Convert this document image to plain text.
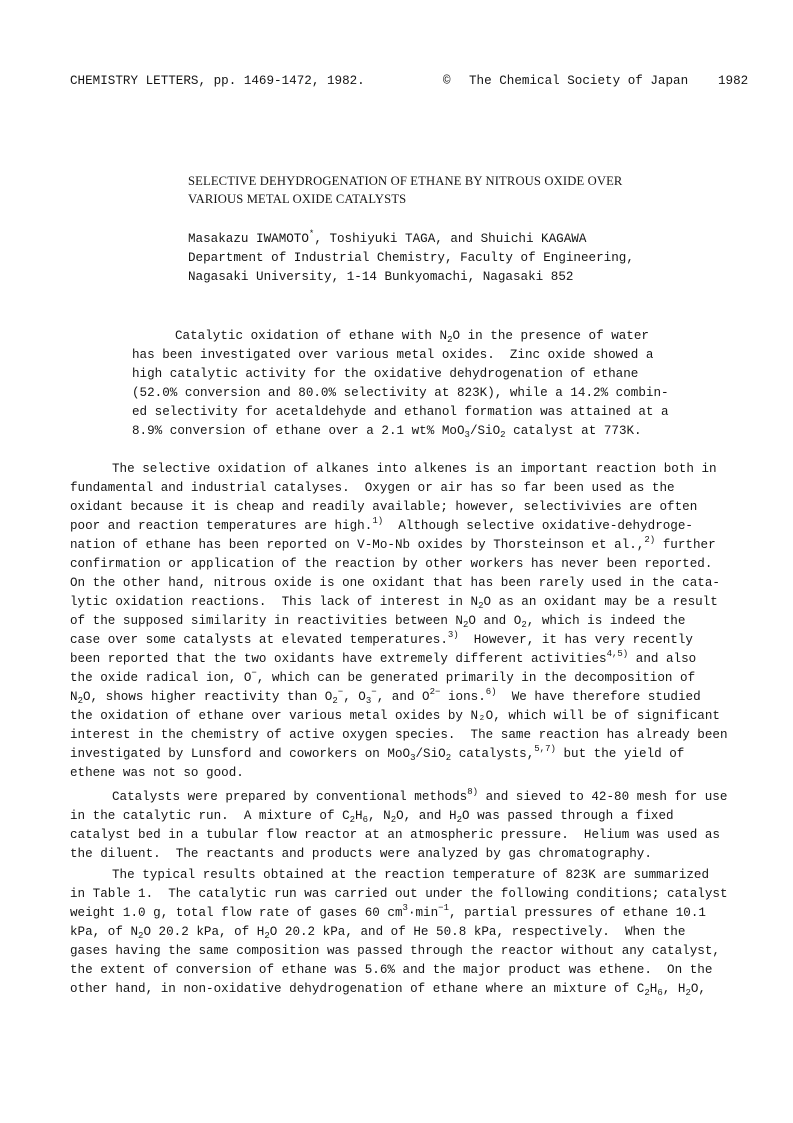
CHEMISTRY LETTERS, pp. 1469-1472, 1982.	© The Chemical Society of Japan 1982
SELECTIVE DEHYDROGENATION OF ETHANE BY NITROUS OXIDE OVER
VARIOUS METAL OXIDE CATALYSTS
Masakazu IWAMOTO*, Toshiyuki TAGA, and Shuichi KAGAWA
Department of Industrial Chemistry, Faculty of Engineering,
Nagasaki University, 1-14 Bunkyomachi, Nagasaki 852
Catalytic oxidation of ethane with $N_2O$ in the presence of water
has been investigated over various metal oxides.  Zinc oxide showed a
high catalytic activity for the oxidative dehydrogenation of ethane
(52.0% conversion and 80.0% selectivity at 823K), while a 14.2% combin-
ed selectivity for acetaldehyde and ethanol formation was attained at a
8.9% conversion of ethane over a 2.1 wt% MoO$_3$/SiO$_2$ catalyst at 773K.
The selective oxidation of alkanes into alkenes is an important reaction both in
fundamental and industrial catalyses.  Oxygen or air has so far been used as the
oxidant because it is cheap and readily available; however, selectivivies are often
poor and reaction temperatures are high.$^{1)}$  Although selective oxidative-dehydroge-
nation of ethane has been reported on V-Mo-Nb oxides by Thorsteinson et al.,$^{2)}$ further
confirmation or application of the reaction by other workers has never been reported.
On the other hand, nitrous oxide is one oxidant that has been rarely used in the cata-
lytic oxidation reactions.  This lack of interest in $N_2O$ as an oxidant may be a result
of the supposed similarity in reactivities between $N_2O$ and $O_2$, which is indeed the
case over some catalysts at elevated temperatures.$^{3)}$  However, it has very recently
been reported that the two oxidants have extremely different activities$^{4,5)}$ and also
the oxide radical ion, O−, which can be generated primarily in the decomposition of
$N_2O$, shows higher reactivity than $O_2^-$, $O_3^-$, and $O^{2-}$ ions.$^{6)}$  We have therefore studied
the oxidation of ethane over various metal oxides by N₂O, which will be of significant
interest in the chemistry of active oxygen species.  The same reaction has already been
investigated by Lunsford and coworkers on MoO$_3$/SiO$_2$ catalysts,$^{5,7)}$ but the yield of
ethene was not so good.
Catalysts were prepared by conventional methods$^{8)}$ and sieved to 42-80 mesh for use
in the catalytic run.  A mixture of $C_2H_6$, $N_2O$, and $H_2O$ was passed through a fixed
catalyst bed in a tubular flow reactor at an atmospheric pressure.  Helium was used as
the diluent.  The reactants and products were analyzed by gas chromatography.
The typical results obtained at the reaction temperature of 823K are summarized
in Table 1.  The catalytic run was carried out under the following conditions; catalyst
weight 1.0 g, total flow rate of gases 60 $cm^3\cdot\min^{-1}$, partial pressures of ethane 10.1
kPa, of $N_2O$ 20.2 kPa, of $H_2O$ 20.2 kPa, and of He 50.8 kPa, respectively.  When the
gases having the same composition was passed through the reactor without any catalyst,
the extent of conversion of ethane was 5.6% and the major product was ethene.  On the
other hand, in non-oxidative dehydrogenation of ethane where an mixture of $C_2H_6$, $H_2O$,
